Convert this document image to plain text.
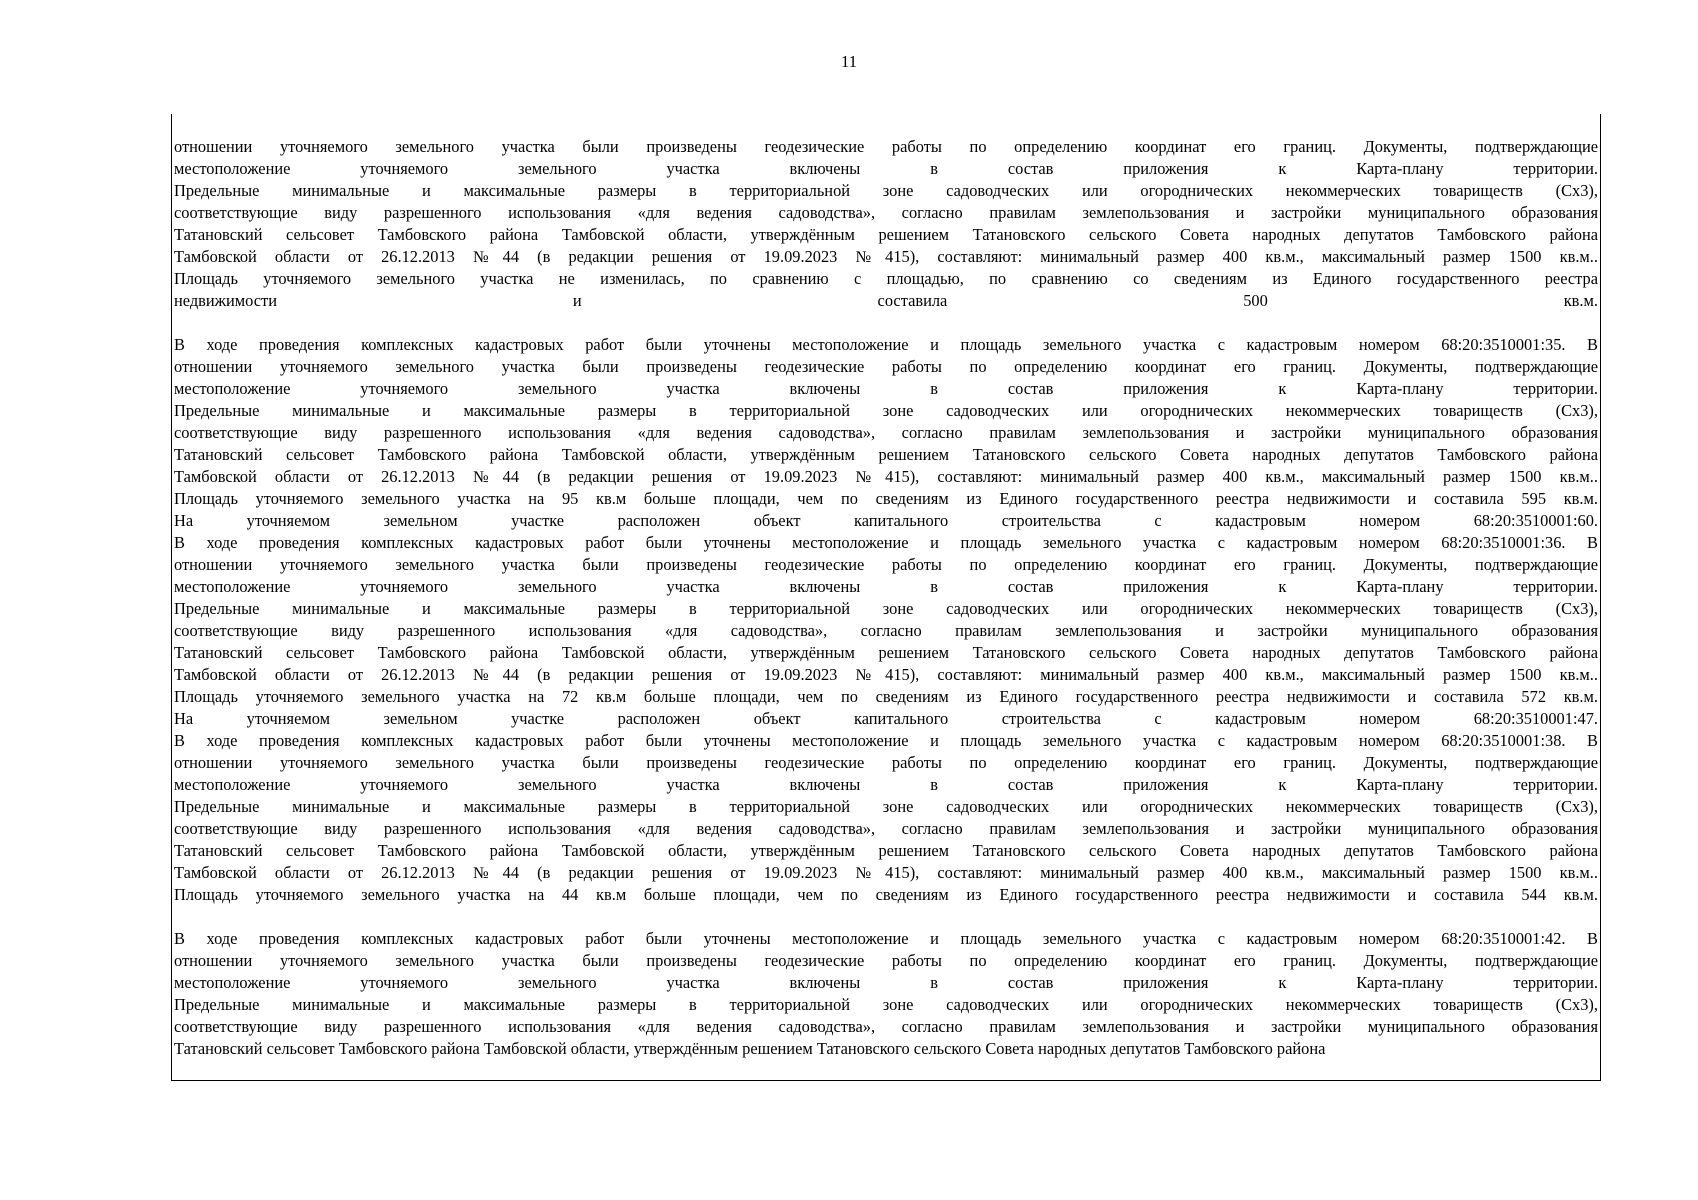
11
отношении уточняемого земельного участка были произведены геодезические работы по определению координат его границ. Документы, подтверждающие
местоположение уточняемого земельного участка включены в состав приложения к Карта-плану территории.
Предельные минимальные и максимальные размеры в территориальной зоне садоводческих или огороднических некоммерческих товариществ (Сх3),
соответствующие виду разрешенного использования «для ведения садоводства», согласно правилам землепользования и застройки муниципального образования
Татановский сельсовет Тамбовского района Тамбовской области, утверждённым решением Татановского сельского Совета народных депутатов Тамбовского района
Тамбовской области от 26.12.2013 №44 (в редакции решения от 19.09.2023 №415), составляют: минимальный размер 400 кв.м., максимальный размер 1500 кв.м..
Площадь уточняемого земельного участка не изменилась, по сравнению с площадью, по сравнению со сведениям из Единого государственного реестра
недвижимости и составила 500 кв.м.
В ходе проведения комплексных кадастровых работ были уточнены местоположение и площадь земельного участка с кадастровым номером 68:20:3510001:35. В
отношении уточняемого земельного участка были произведены геодезические работы по определению координат его границ. Документы, подтверждающие
местоположение уточняемого земельного участка включены в состав приложения к Карта-плану территории.
Предельные минимальные и максимальные размеры в территориальной зоне садоводческих или огороднических некоммерческих товариществ (Сх3),
соответствующие виду разрешенного использования «для ведения садоводства», согласно правилам землепользования и застройки муниципального образования
Татановский сельсовет Тамбовского района Тамбовской области, утверждённым решением Татановского сельского Совета народных депутатов Тамбовского района
Тамбовской области от 26.12.2013 №44 (в редакции решения от 19.09.2023 №415), составляют: минимальный размер 400 кв.м., максимальный размер 1500 кв.м..
Площадь уточняемого земельного участка на 95 кв.м больше площади, чем по сведениям из Единого государственного реестра недвижимости и составила 595 кв.м.
На уточняемом земельном участке расположен объект капитального строительства с кадастровым номером 68:20:3510001:60.
В ходе проведения комплексных кадастровых работ были уточнены местоположение и площадь земельного участка с кадастровым номером 68:20:3510001:36. В
отношении уточняемого земельного участка были произведены геодезические работы по определению координат его границ. Документы, подтверждающие
местоположение уточняемого земельного участка включены в состав приложения к Карта-плану территории.
Предельные минимальные и максимальные размеры в территориальной зоне садоводческих или огороднических некоммерческих товариществ (Сх3),
соответствующие виду разрешенного использования «для садоводства», согласно правилам землепользования и застройки муниципального образования
Татановский сельсовет Тамбовского района Тамбовской области, утверждённым решением Татановского сельского Совета народных депутатов Тамбовского района
Тамбовской области от 26.12.2013 №44 (в редакции решения от 19.09.2023 №415), составляют: минимальный размер 400 кв.м., максимальный размер 1500 кв.м..
Площадь уточняемого земельного участка на 72 кв.м больше площади, чем по сведениям из Единого государственного реестра недвижимости и составила 572 кв.м.
На уточняемом земельном участке расположен объект капитального строительства с кадастровым номером 68:20:3510001:47.
В ходе проведения комплексных кадастровых работ были уточнены местоположение и площадь земельного участка с кадастровым номером 68:20:3510001:38. В
отношении уточняемого земельного участка были произведены геодезические работы по определению координат его границ. Документы, подтверждающие
местоположение уточняемого земельного участка включены в состав приложения к Карта-плану территории.
Предельные минимальные и максимальные размеры в территориальной зоне садоводческих или огороднических некоммерческих товариществ (Сх3),
соответствующие виду разрешенного использования «для ведения садоводства», согласно правилам землепользования и застройки муниципального образования
Татановский сельсовет Тамбовского района Тамбовской области, утверждённым решением Татановского сельского Совета народных депутатов Тамбовского района
Тамбовской области от 26.12.2013 №44 (в редакции решения от 19.09.2023 №415), составляют: минимальный размер 400 кв.м., максимальный размер 1500 кв.м..
Площадь уточняемого земельного участка на 44 кв.м больше площади, чем по сведениям из Единого государственного реестра недвижимости и составила 544 кв.м.
В ходе проведения комплексных кадастровых работ были уточнены местоположение и площадь земельного участка с кадастровым номером 68:20:3510001:42. В
отношении уточняемого земельного участка были произведены геодезические работы по определению координат его границ. Документы, подтверждающие
местоположение уточняемого земельного участка включены в состав приложения к Карта-плану территории.
Предельные минимальные и максимальные размеры в территориальной зоне садоводческих или огороднических некоммерческих товариществ (Сх3),
соответствующие виду разрешенного использования «для ведения садоводства», согласно правилам землепользования и застройки муниципального образования
Татановский сельсовет Тамбовского района Тамбовской области, утверждённым решением Татановского сельского Совета народных депутатов Тамбовского района
